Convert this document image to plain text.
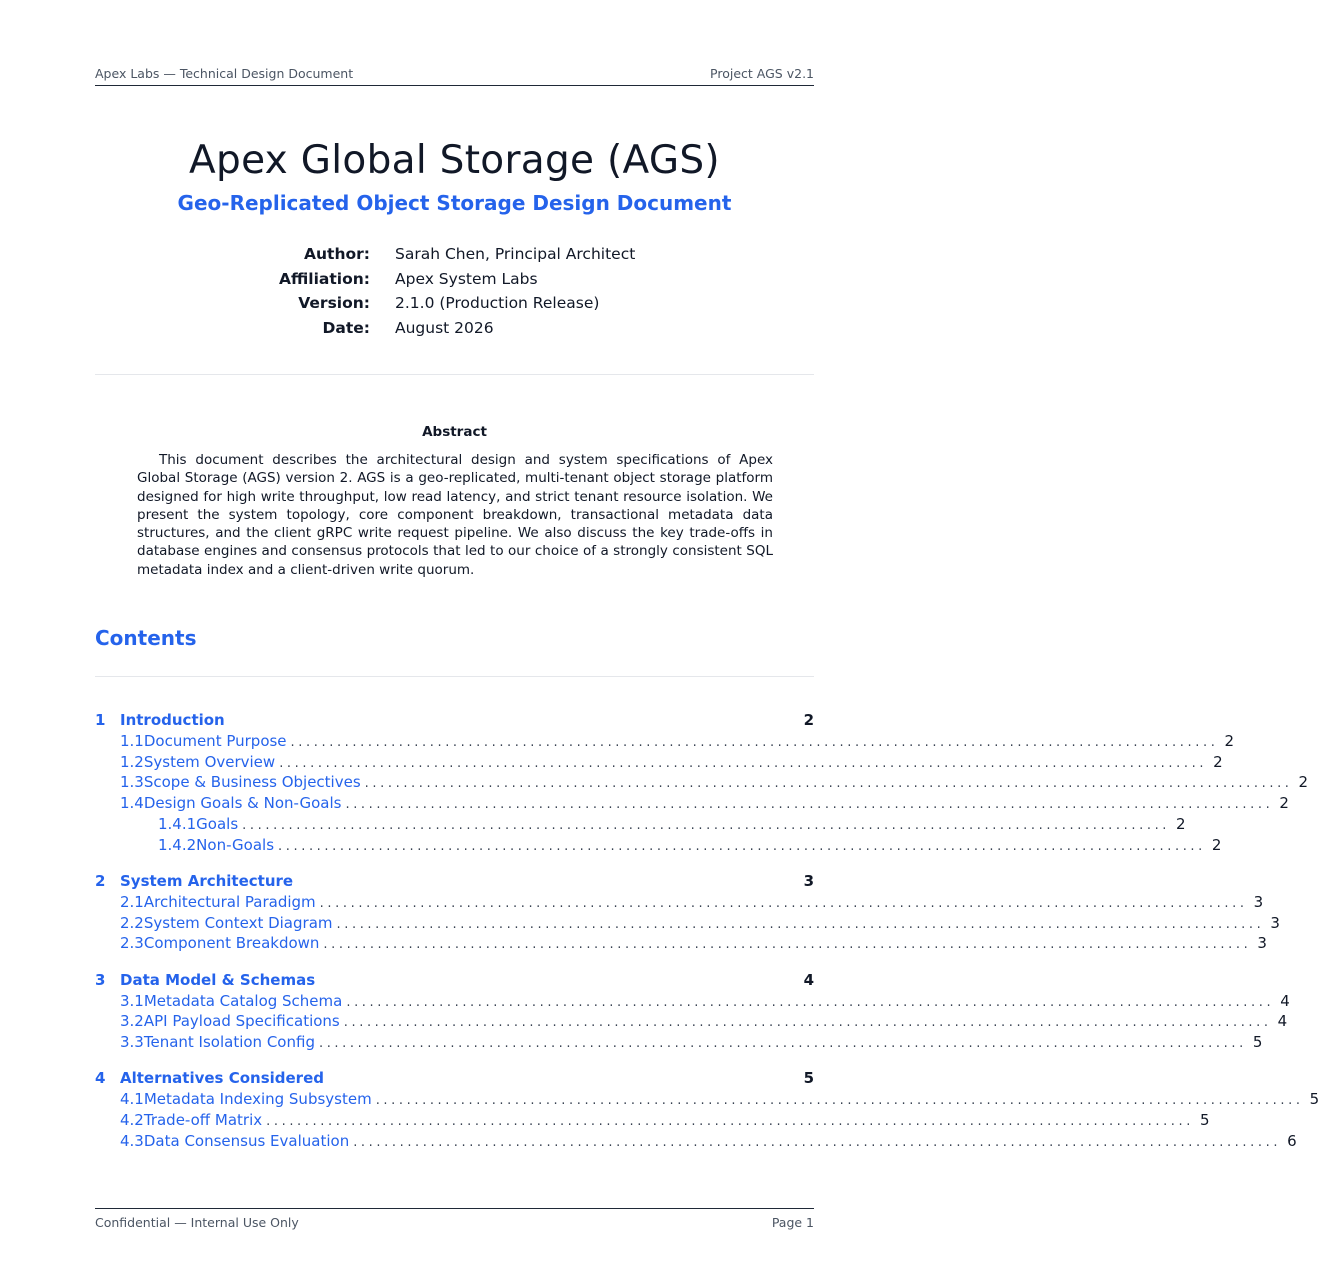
Apex Labs — Technical Design Document	Project AGS v2.1
Apex Global Storage (AGS)
Geo-Replicated Object Storage Design Document
Author: Sarah Chen, Principal Architect
Affiliation: Apex System Labs
Version: 2.1.0 (Production Release)
Date: August 2026
Abstract

This document describes the architectural design and system specifications of Apex Global Storage (AGS) version 2. AGS is a geo-replicated, multi-tenant object storage platform designed for high write throughput, low read latency, and strict tenant resource isolation. We present the system topology, core component breakdown, transactional metadata data structures, and the client gRPC write request pipeline. We also discuss the key trade-offs in database engines and consensus protocols that led to our choice of a strongly consistent SQL metadata index and a client-driven write quorum.

Contents
1 Introduction	2
1.1 Document Purpose ........................................................................................................................ 2
1.2 System Overview ........................................................................................................................ 2
1.3 Scope & Business Objectives ........................................................................................................................ 2
1.4 Design Goals & Non-Goals ........................................................................................................................ 2
1.4.1 Goals ........................................................................................................................ 2
1.4.2 Non-Goals ........................................................................................................................ 2
2 System Architecture	3
2.1 Architectural Paradigm ........................................................................................................................ 3
2.2 System Context Diagram ........................................................................................................................ 3
2.3 Component Breakdown ........................................................................................................................ 3
3 Data Model & Schemas	4
3.1 Metadata Catalog Schema ........................................................................................................................ 4
3.2 API Payload Specifications ........................................................................................................................ 4
3.3 Tenant Isolation Config ........................................................................................................................ 5
4 Alternatives Considered	5
4.1 Metadata Indexing Subsystem ........................................................................................................................ 5
4.2 Trade-off Matrix ........................................................................................................................ 5
4.3 Data Consensus Evaluation ........................................................................................................................ 6
Confidential — Internal Use Only	Page 1
